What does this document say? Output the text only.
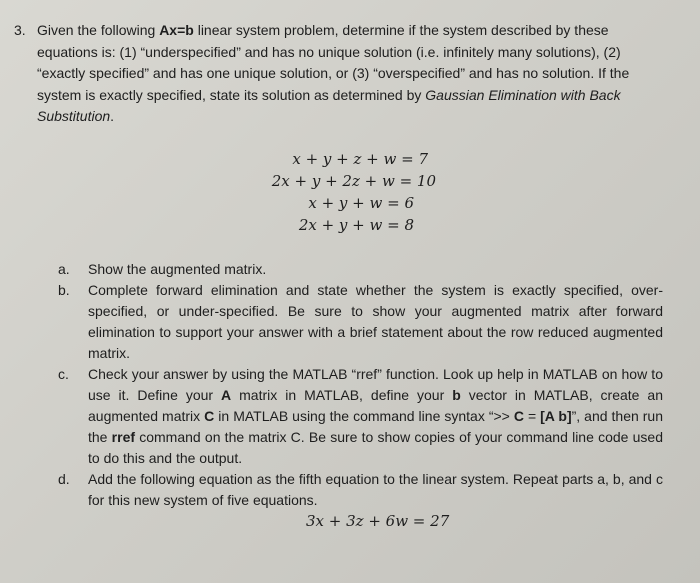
3. Given the following Ax=b linear system problem, determine if the system described by these equations is: (1) “underspecified” and has no unique solution (i.e. infinitely many solutions), (2) “exactly specified” and has one unique solution, or (3) “overspecified” and has no solution. If the system is exactly specified, state its solution as determined by Gaussian Elimination with Back Substitution.
x + y + z + w = 7
2x + y + 2z + w = 10
x + y + w = 6
2x + y + w = 8
a.	Show the augmented matrix.
b.	Complete forward elimination and state whether the system is exactly specified, over-specified, or under-specified. Be sure to show your augmented matrix after forward elimination to support your answer with a brief statement about the row reduced augmented matrix.
c.	Check your answer by using the MATLAB “rref” function. Look up help in MATLAB on how to use it. Define your A matrix in MATLAB, define your b vector in MATLAB, create an augmented matrix C in MATLAB using the command line syntax “>> C = [A b]”, and then run the rref command on the matrix C. Be sure to show copies of your command line code used to do this and the output.
d.	Add the following equation as the fifth equation to the linear system. Repeat parts a, b, and c for this new system of five equations.
3x + 3z + 6w = 27
